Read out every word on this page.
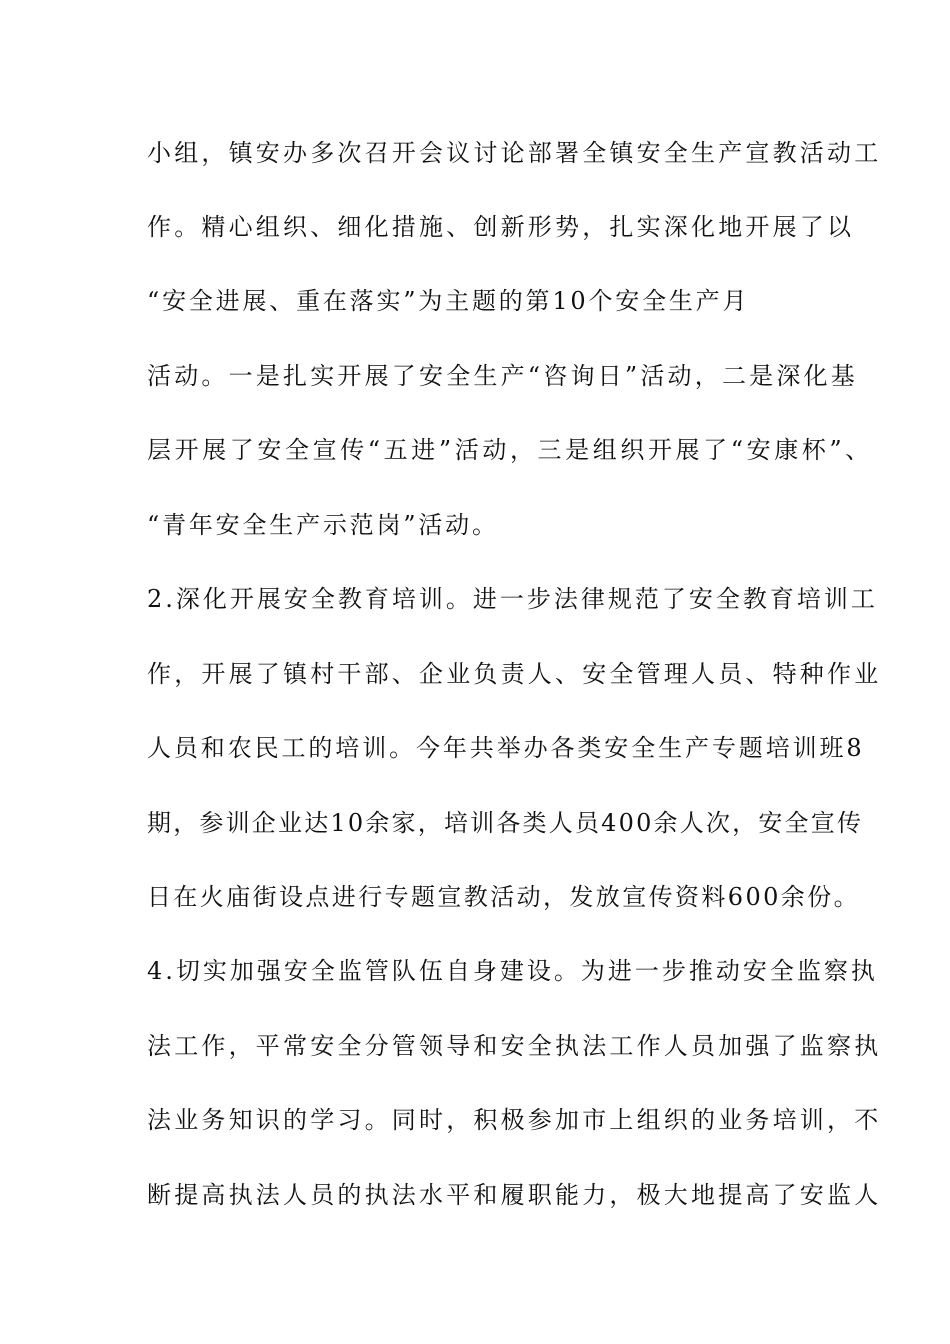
小组，镇安办多次召开会议讨论部署全镇安全生产宣教活动工
作。精心组织、细化措施、创新形势，扎实深化地开展了以
“安全进展、重在落实”为主题的第10个安全生产月
活动。一是扎实开展了安全生产“咨询日”活动，二是深化基
层开展了安全宣传“五进”活动，三是组织开展了“安康杯”、
“青年安全生产示范岗”活动。
2.深化开展安全教育培训。进一步法律规范了安全教育培训工
作，开展了镇村干部、企业负责人、安全管理人员、特种作业
人员和农民工的培训。今年共举办各类安全生产专题培训班8
期，参训企业达10余家，培训各类人员400余人次，安全宣传
日在火庙街设点进行专题宣教活动，发放宣传资料600余份。
4.切实加强安全监管队伍自身建设。为进一步推动安全监察执
法工作，平常安全分管领导和安全执法工作人员加强了监察执
法业务知识的学习。同时，积极参加市上组织的业务培训，不
断提高执法人员的执法水平和履职能力，极大地提高了安监人
